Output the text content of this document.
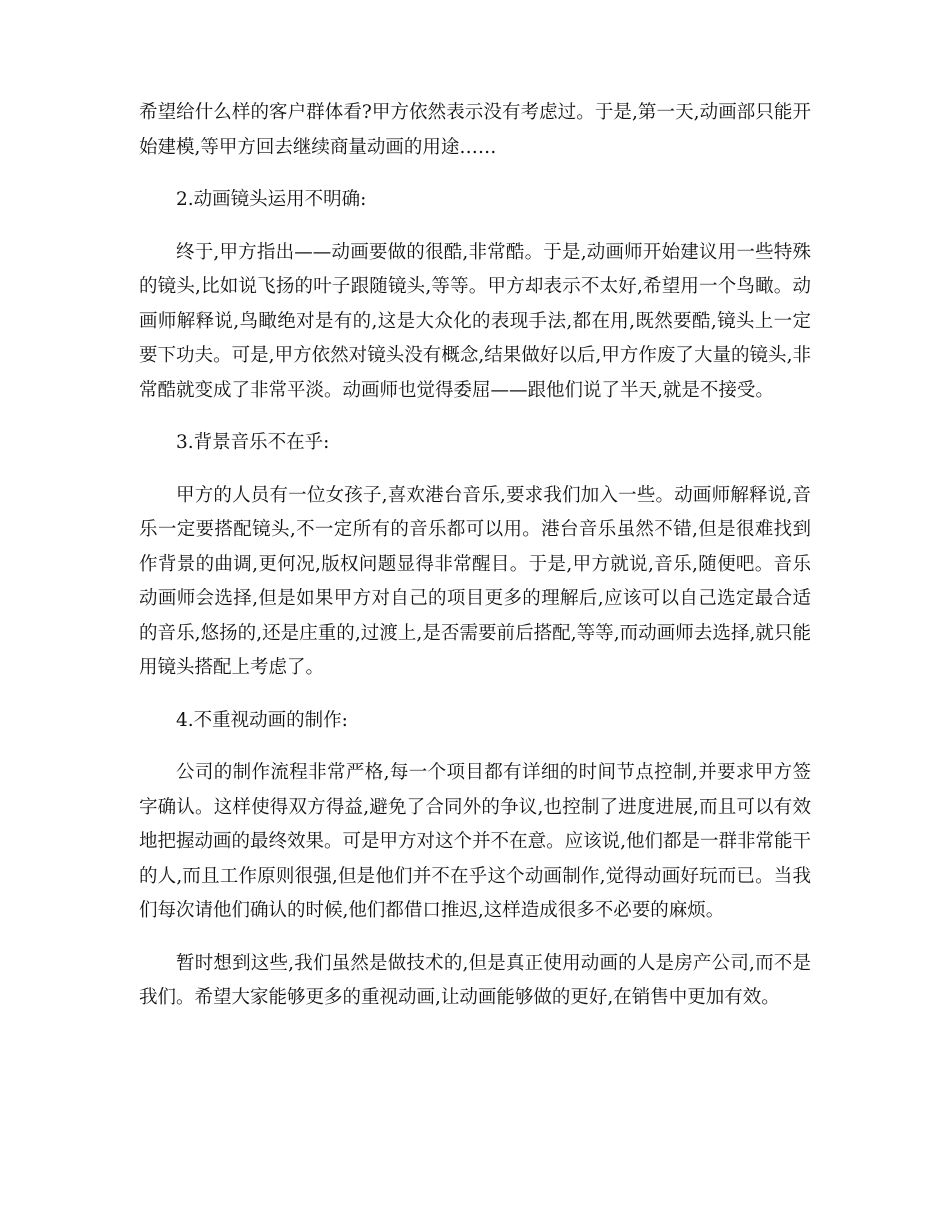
希望给什么样的客户群体看?甲方依然表示没有考虑过。于是,第一天,动画部只能开始建模,等甲方回去继续商量动画的用途……

2.动画镜头运用不明确:

终于,甲方指出——动画要做的很酷,非常酷。于是,动画师开始建议用一些特殊的镜头,比如说飞扬的叶子跟随镜头,等等。甲方却表示不太好,希望用一个鸟瞰。动画师解释说,鸟瞰绝对是有的,这是大众化的表现手法,都在用,既然要酷,镜头上一定要下功夫。可是,甲方依然对镜头没有概念,结果做好以后,甲方作废了大量的镜头,非常酷就变成了非常平淡。动画师也觉得委屈——跟他们说了半天,就是不接受。

3.背景音乐不在乎:

甲方的人员有一位女孩子,喜欢港台音乐,要求我们加入一些。动画师解释说,音乐一定要搭配镜头,不一定所有的音乐都可以用。港台音乐虽然不错,但是很难找到作背景的曲调,更何况,版权问题显得非常醒目。于是,甲方就说,音乐,随便吧。音乐动画师会选择,但是如果甲方对自己的项目更多的理解后,应该可以自己选定最合适的音乐,悠扬的,还是庄重的,过渡上,是否需要前后搭配,等等,而动画师去选择,就只能用镜头搭配上考虑了。

4.不重视动画的制作:

公司的制作流程非常严格,每一个项目都有详细的时间节点控制,并要求甲方签字确认。这样使得双方得益,避免了合同外的争议,也控制了进度进展,而且可以有效地把握动画的最终效果。可是甲方对这个并不在意。应该说,他们都是一群非常能干的人,而且工作原则很强,但是他们并不在乎这个动画制作,觉得动画好玩而已。当我们每次请他们确认的时候,他们都借口推迟,这样造成很多不必要的麻烦。

暂时想到这些,我们虽然是做技术的,但是真正使用动画的人是房产公司,而不是我们。希望大家能够更多的重视动画,让动画能够做的更好,在销售中更加有效。
